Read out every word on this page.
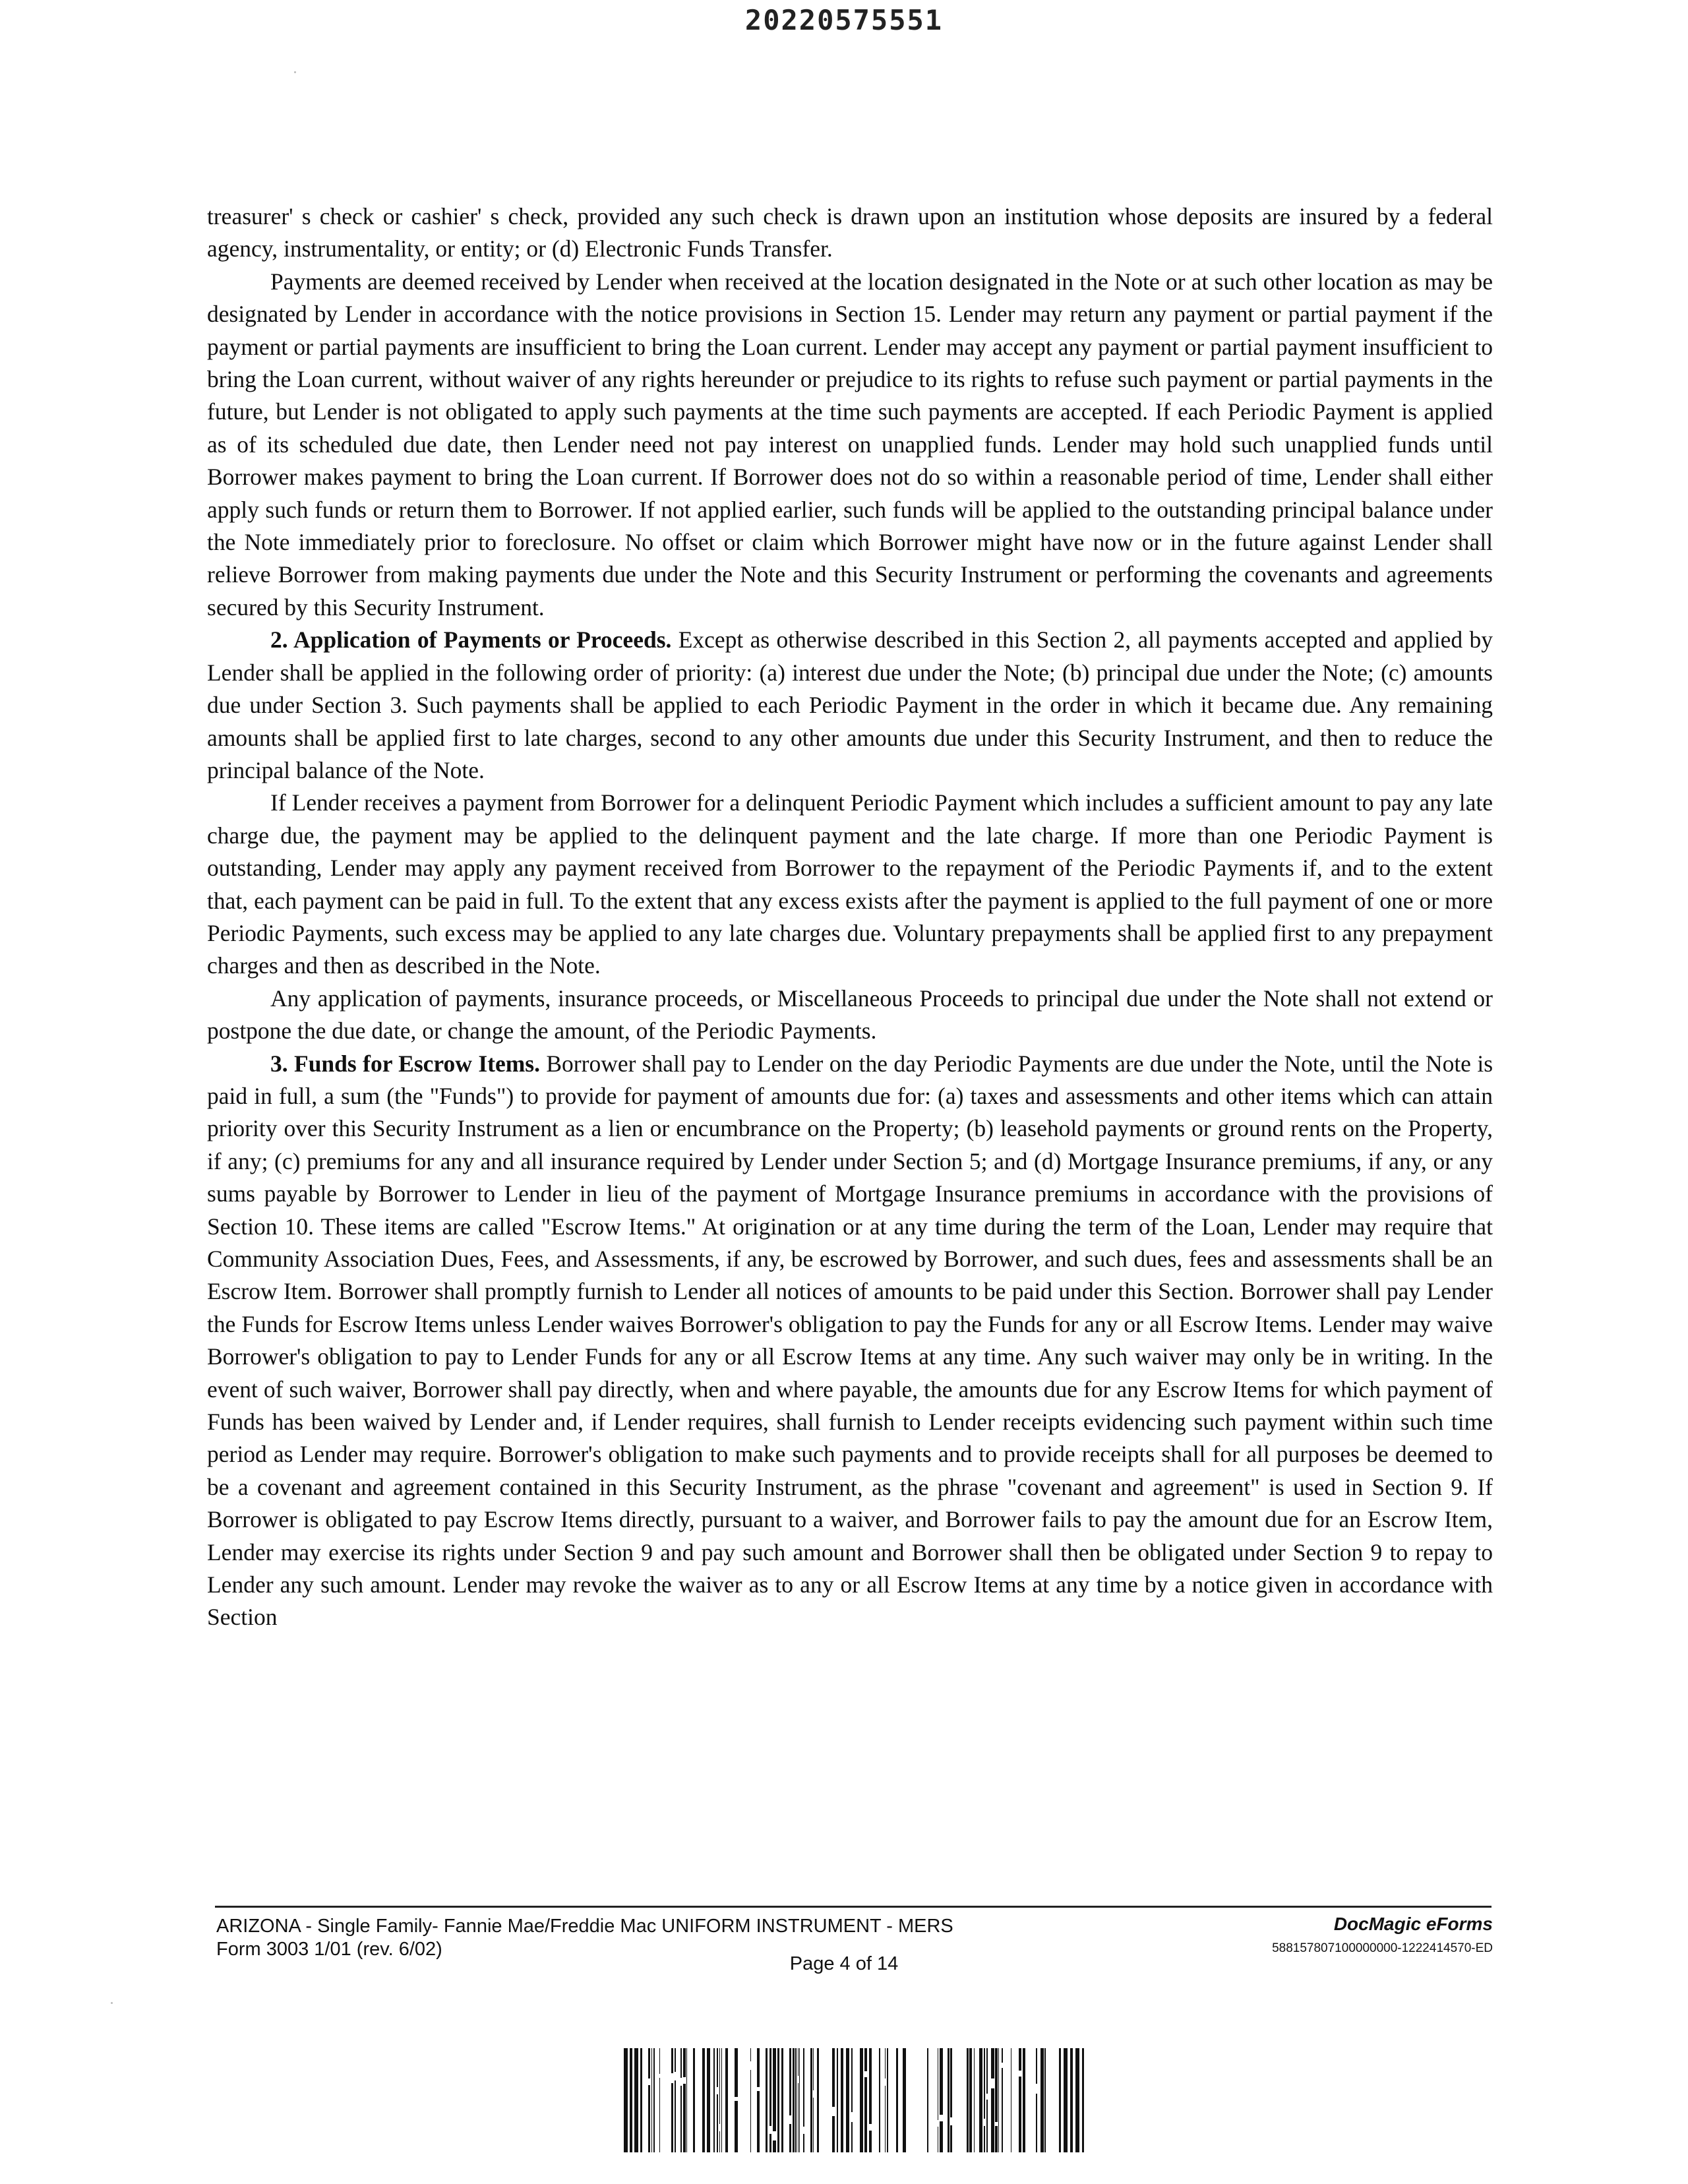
20220575551

treasurer' s check or cashier' s check, provided any such check is drawn upon an institution whose deposits are insured by a federal agency, instrumentality, or entity; or (d) Electronic Funds Transfer.

Payments are deemed received by Lender when received at the location designated in the Note or at such other location as may be designated by Lender in accordance with the notice provisions in Section 15. Lender may return any payment or partial payment if the payment or partial payments are insufficient to bring the Loan current. Lender may accept any payment or partial payment insufficient to bring the Loan current, without waiver of any rights hereunder or prejudice to its rights to refuse such payment or partial payments in the future, but Lender is not obligated to apply such payments at the time such payments are accepted. If each Periodic Payment is applied as of its scheduled due date, then Lender need not pay interest on unapplied funds. Lender may hold such unapplied funds until Borrower makes payment to bring the Loan current. If Borrower does not do so within a reasonable period of time, Lender shall either apply such funds or return them to Borrower. If not applied earlier, such funds will be applied to the outstanding principal balance under the Note immediately prior to foreclosure. No offset or claim which Borrower might have now or in the future against Lender shall relieve Borrower from making payments due under the Note and this Security Instrument or performing the covenants and agreements secured by this Security Instrument.

2. Application of Payments or Proceeds. Except as otherwise described in this Section 2, all payments accepted and applied by Lender shall be applied in the following order of priority: (a) interest due under the Note; (b) principal due under the Note; (c) amounts due under Section 3. Such payments shall be applied to each Periodic Payment in the order in which it became due. Any remaining amounts shall be applied first to late charges, second to any other amounts due under this Security Instrument, and then to reduce the principal balance of the Note.

If Lender receives a payment from Borrower for a delinquent Periodic Payment which includes a sufficient amount to pay any late charge due, the payment may be applied to the delinquent payment and the late charge. If more than one Periodic Payment is outstanding, Lender may apply any payment received from Borrower to the repayment of the Periodic Payments if, and to the extent that, each payment can be paid in full. To the extent that any excess exists after the payment is applied to the full payment of one or more Periodic Payments, such excess may be applied to any late charges due. Voluntary prepayments shall be applied first to any prepayment charges and then as described in the Note.

Any application of payments, insurance proceeds, or Miscellaneous Proceeds to principal due under the Note shall not extend or postpone the due date, or change the amount, of the Periodic Payments.

3. Funds for Escrow Items. Borrower shall pay to Lender on the day Periodic Payments are due under the Note, until the Note is paid in full, a sum (the "Funds") to provide for payment of amounts due for: (a) taxes and assessments and other items which can attain priority over this Security Instrument as a lien or encumbrance on the Property; (b) leasehold payments or ground rents on the Property, if any; (c) premiums for any and all insurance required by Lender under Section 5; and (d) Mortgage Insurance premiums, if any, or any sums payable by Borrower to Lender in lieu of the payment of Mortgage Insurance premiums in accordance with the provisions of Section 10. These items are called "Escrow Items." At origination or at any time during the term of the Loan, Lender may require that Community Association Dues, Fees, and Assessments, if any, be escrowed by Borrower, and such dues, fees and assessments shall be an Escrow Item. Borrower shall promptly furnish to Lender all notices of amounts to be paid under this Section. Borrower shall pay Lender the Funds for Escrow Items unless Lender waives Borrower's obligation to pay the Funds for any or all Escrow Items. Lender may waive Borrower's obligation to pay to Lender Funds for any or all Escrow Items at any time. Any such waiver may only be in writing. In the event of such waiver, Borrower shall pay directly, when and where payable, the amounts due for any Escrow Items for which payment of Funds has been waived by Lender and, if Lender requires, shall furnish to Lender receipts evidencing such payment within such time period as Lender may require. Borrower's obligation to make such payments and to provide receipts shall for all purposes be deemed to be a covenant and agreement contained in this Security Instrument, as the phrase "covenant and agreement" is used in Section 9. If Borrower is obligated to pay Escrow Items directly, pursuant to a waiver, and Borrower fails to pay the amount due for an Escrow Item, Lender may exercise its rights under Section 9 and pay such amount and Borrower shall then be obligated under Section 9 to repay to Lender any such amount. Lender may revoke the waiver as to any or all Escrow Items at any time by a notice given in accordance with Section

ARIZONA - Single Family- Fannie Mae/Freddie Mac UNIFORM INSTRUMENT - MERS
Form 3003 1/01 (rev. 6/02)
DocMagic eForms
588157807100000000-1222414570-ED
Page 4 of 14
